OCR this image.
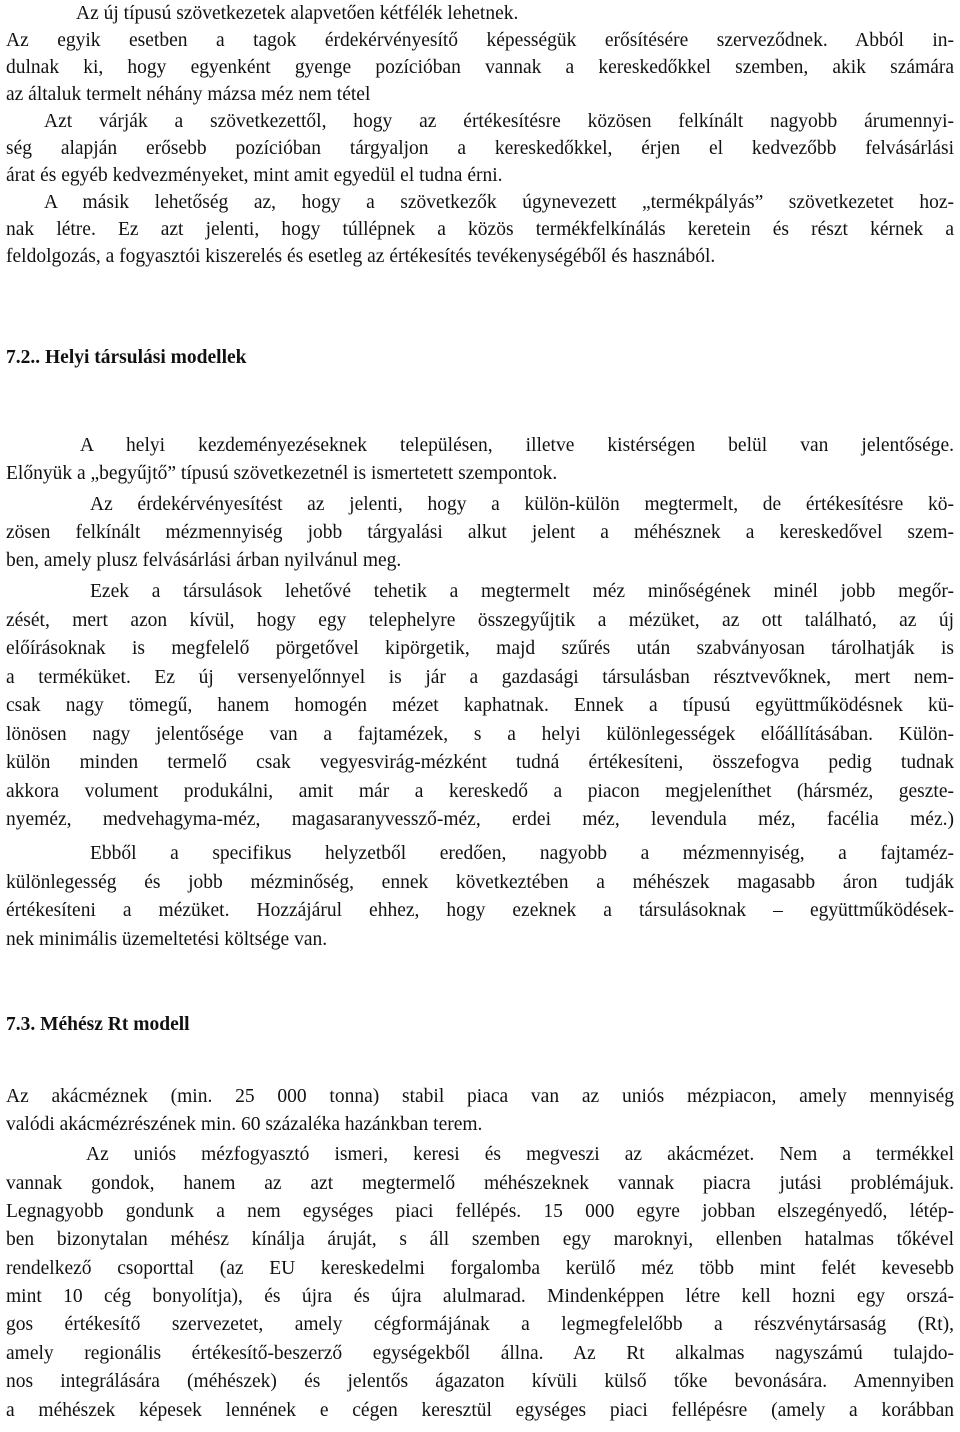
Az új típusú szövetkezetek alapvetően kétfélék lehetnek.
Az egyik esetben a tagok érdekérvényesítő képességük erősítésére szerveződnek. Abból in-
dulnak ki, hogy egyenként gyenge pozícióban vannak a kereskedőkkel szemben, akik számára
az általuk termelt néhány mázsa méz nem tétel
Azt várják a szövetkezettől, hogy az értékesítésre közösen felkínált nagyobb árumennyi-
ség alapján erősebb pozícióban tárgyaljon a kereskedőkkel, érjen el kedvezőbb felvásárlási
árat és egyéb kedvezményeket, mint amit egyedül el tudna érni.
A másik lehetőség az, hogy a szövetkezők úgynevezett „termékpályás” szövetkezetet hoz-
nak létre. Ez azt jelenti, hogy túllépnek a közös termékfelkínálás keretein és részt kérnek a
feldolgozás, a fogyasztói kiszerelés és esetleg az értékesítés tevékenységéből és hasznából.
7.2.. Helyi társulási modellek
A helyi kezdeményezéseknek településen, illetve kistérségen belül van jelentősége.
Előnyük a „begyűjtő” típusú szövetkezetnél is ismertetett szempontok.
Az érdekérvényesítést az jelenti, hogy a külön-külön megtermelt, de értékesítésre kö-
zösen felkínált mézmennyiség jobb tárgyalási alkut jelent a méhésznek a kereskedővel szem-
ben, amely plusz felvásárlási árban nyilvánul meg.
Ezek a társulások lehetővé tehetik a megtermelt méz minőségének minél jobb megőr-
zését, mert azon kívül, hogy egy telephelyre összegyűjtik a mézüket, az ott található, az új
előírásoknak is megfelelő pörgetővel kipörgetik, majd szűrés után szabványosan tárolhatják is
a terméküket. Ez új versenyelőnnyel is jár a gazdasági társulásban résztvevőknek, mert nem-
csak nagy tömegű, hanem homogén mézet kaphatnak. Ennek a típusú együttműködésnek kü-
lönösen nagy jelentősége van a fajtamézek, s a helyi különlegességek előállításában. Külön-
külön minden termelő csak vegyesvirág-mézként tudná értékesíteni, összefogva pedig tudnak
akkora volument produkálni, amit már a kereskedő a piacon megjeleníthet (hársméz, geszte-
nyeméz, medvehagyma-méz, magasaranyvessző-méz, erdei méz, levendula méz, facélia méz.)
Ebből a specifikus helyzetből eredően, nagyobb a mézmennyiség, a fajtaméz-
különlegesség és jobb mézminőség, ennek következtében a méhészek magasabb áron tudják
értékesíteni a mézüket. Hozzájárul ehhez, hogy ezeknek a társulásoknak – együttműködések-
nek minimális üzemeltetési költsége van.
7.3. Méhész Rt modell
Az akácméznek (min. 25 000 tonna) stabil piaca van az uniós mézpiacon, amely mennyiség
valódi akácmézrészének min. 60 százaléka hazánkban terem.
Az uniós mézfogyasztó ismeri, keresi és megveszi az akácmézet. Nem a termékkel
vannak gondok, hanem az azt megtermelő méhészeknek vannak piacra jutási problémájuk.
Legnagyobb gondunk a nem egységes piaci fellépés. 15 000 egyre jobban elszegényedő, létép-
ben bizonytalan méhész kínálja áruját, s áll szemben egy maroknyi, ellenben hatalmas tőkével
rendelkező csoporttal (az EU kereskedelmi forgalomba kerülő méz több mint felét kevesebb
mint 10 cég bonyolítja), és újra és újra alulmarad. Mindenképpen létre kell hozni egy orszá-
gos értékesítő szervezetet, amely cégformájának a legmegfelelőbb a részvénytársaság (Rt),
amely regionális értékesítő-beszerző egységekből állna. Az Rt alkalmas nagyszámú tulajdo-
nos integrálására (méhészek) és jelentős ágazaton kívüli külső tőke bevonására. Amennyiben
a méhészek képesek lennének e cégen keresztül egységes piaci fellépésre (amely a korábban
